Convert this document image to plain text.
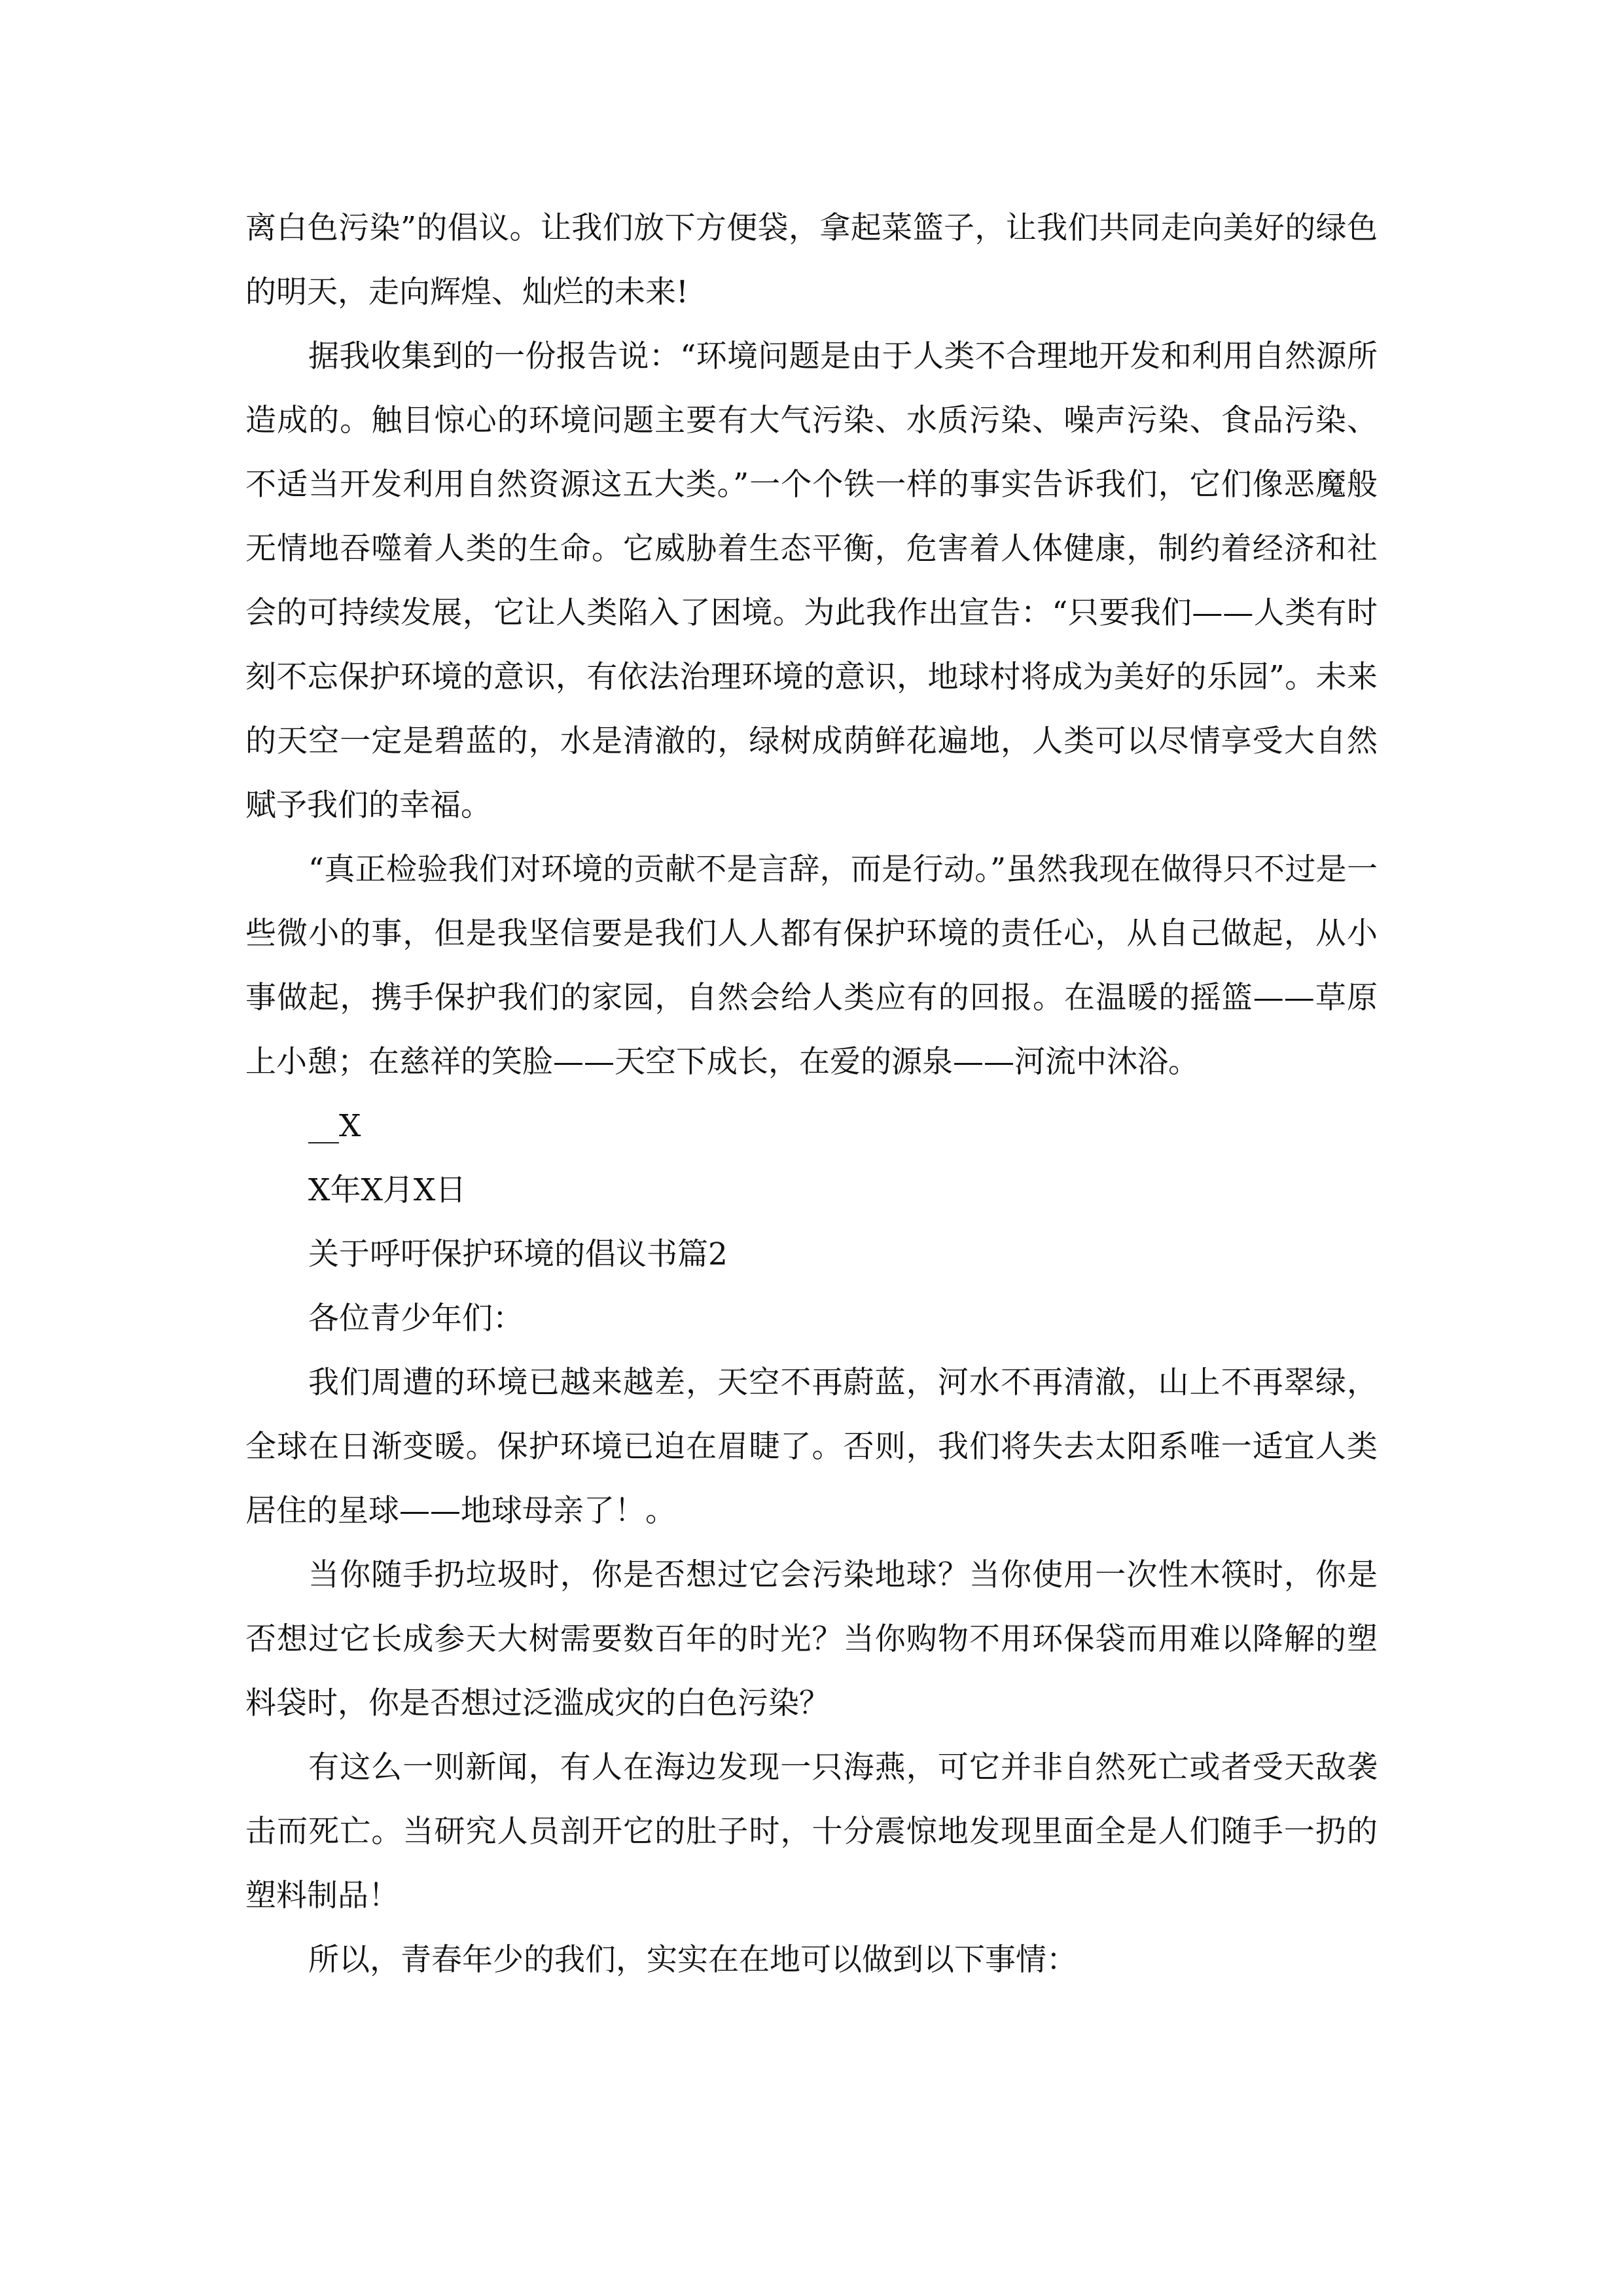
离白色污染”的倡议。让我们放下方便袋，拿起菜篮子，让我们共同走向美好的绿色的明天，走向辉煌、灿烂的未来!

据我收集到的一份报告说：“环境问题是由于人类不合理地开发和利用自然源所造成的。触目惊心的环境问题主要有大气污染、水质污染、噪声污染、食品污染、不适当开发利用自然资源这五大类。”一个个铁一样的事实告诉我们，它们像恶魔般无情地吞噬着人类的生命。它威胁着生态平衡，危害着人体健康，制约着经济和社会的可持续发展，它让人类陷入了困境。为此我作出宣告：“只要我们——人类有时刻不忘保护环境的意识，有依法治理环境的意识，地球村将成为美好的乐园”。未来的天空一定是碧蓝的，水是清澈的，绿树成荫鲜花遍地，人类可以尽情享受大自然赋予我们的幸福。

“真正检验我们对环境的贡献不是言辞，而是行动。”虽然我现在做得只不过是一些微小的事，但是我坚信要是我们人人都有保护环境的责任心，从自己做起，从小事做起，携手保护我们的家园，自然会给人类应有的回报。在温暖的摇篮——草原上小憩；在慈祥的笑脸——天空下成长，在爱的源泉——河流中沐浴。

__X

X年X月X日

关于呼吁保护环境的倡议书篇2

各位青少年们：

我们周遭的环境已越来越差，天空不再蔚蓝，河水不再清澈，山上不再翠绿，全球在日渐变暖。保护环境已迫在眉睫了。否则，我们将失去太阳系唯一适宜人类居住的星球——地球母亲了！。

当你随手扔垃圾时，你是否想过它会污染地球？当你使用一次性木筷时，你是否想过它长成参天大树需要数百年的时光？当你购物不用环保袋而用难以降解的塑料袋时，你是否想过泛滥成灾的白色污染？

有这么一则新闻，有人在海边发现一只海燕，可它并非自然死亡或者受天敌袭击而死亡。当研究人员剖开它的肚子时，十分震惊地发现里面全是人们随手一扔的塑料制品！

所以，青春年少的我们，实实在在地可以做到以下事情：
